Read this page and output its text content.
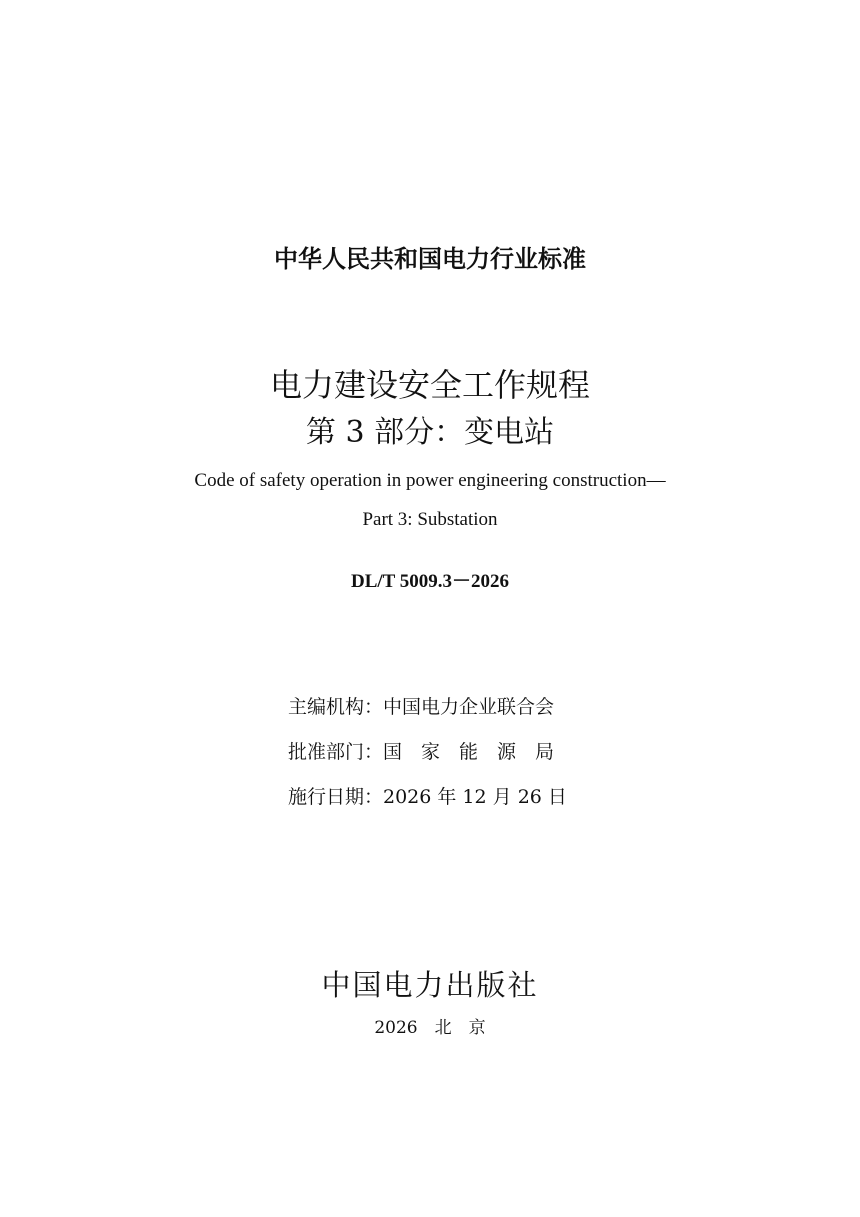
中华人民共和国电力行业标准
电力建设安全工作规程
第 3 部分：变电站
Code of safety operation in power engineering construction—
Part 3: Substation
DL/T 5009.3－2026
主编机构：中国电力企业联合会
批准部门：国　家　能　源　局
施行日期：2026 年 12 月 26 日
中国电力出版社
2026　北　京
